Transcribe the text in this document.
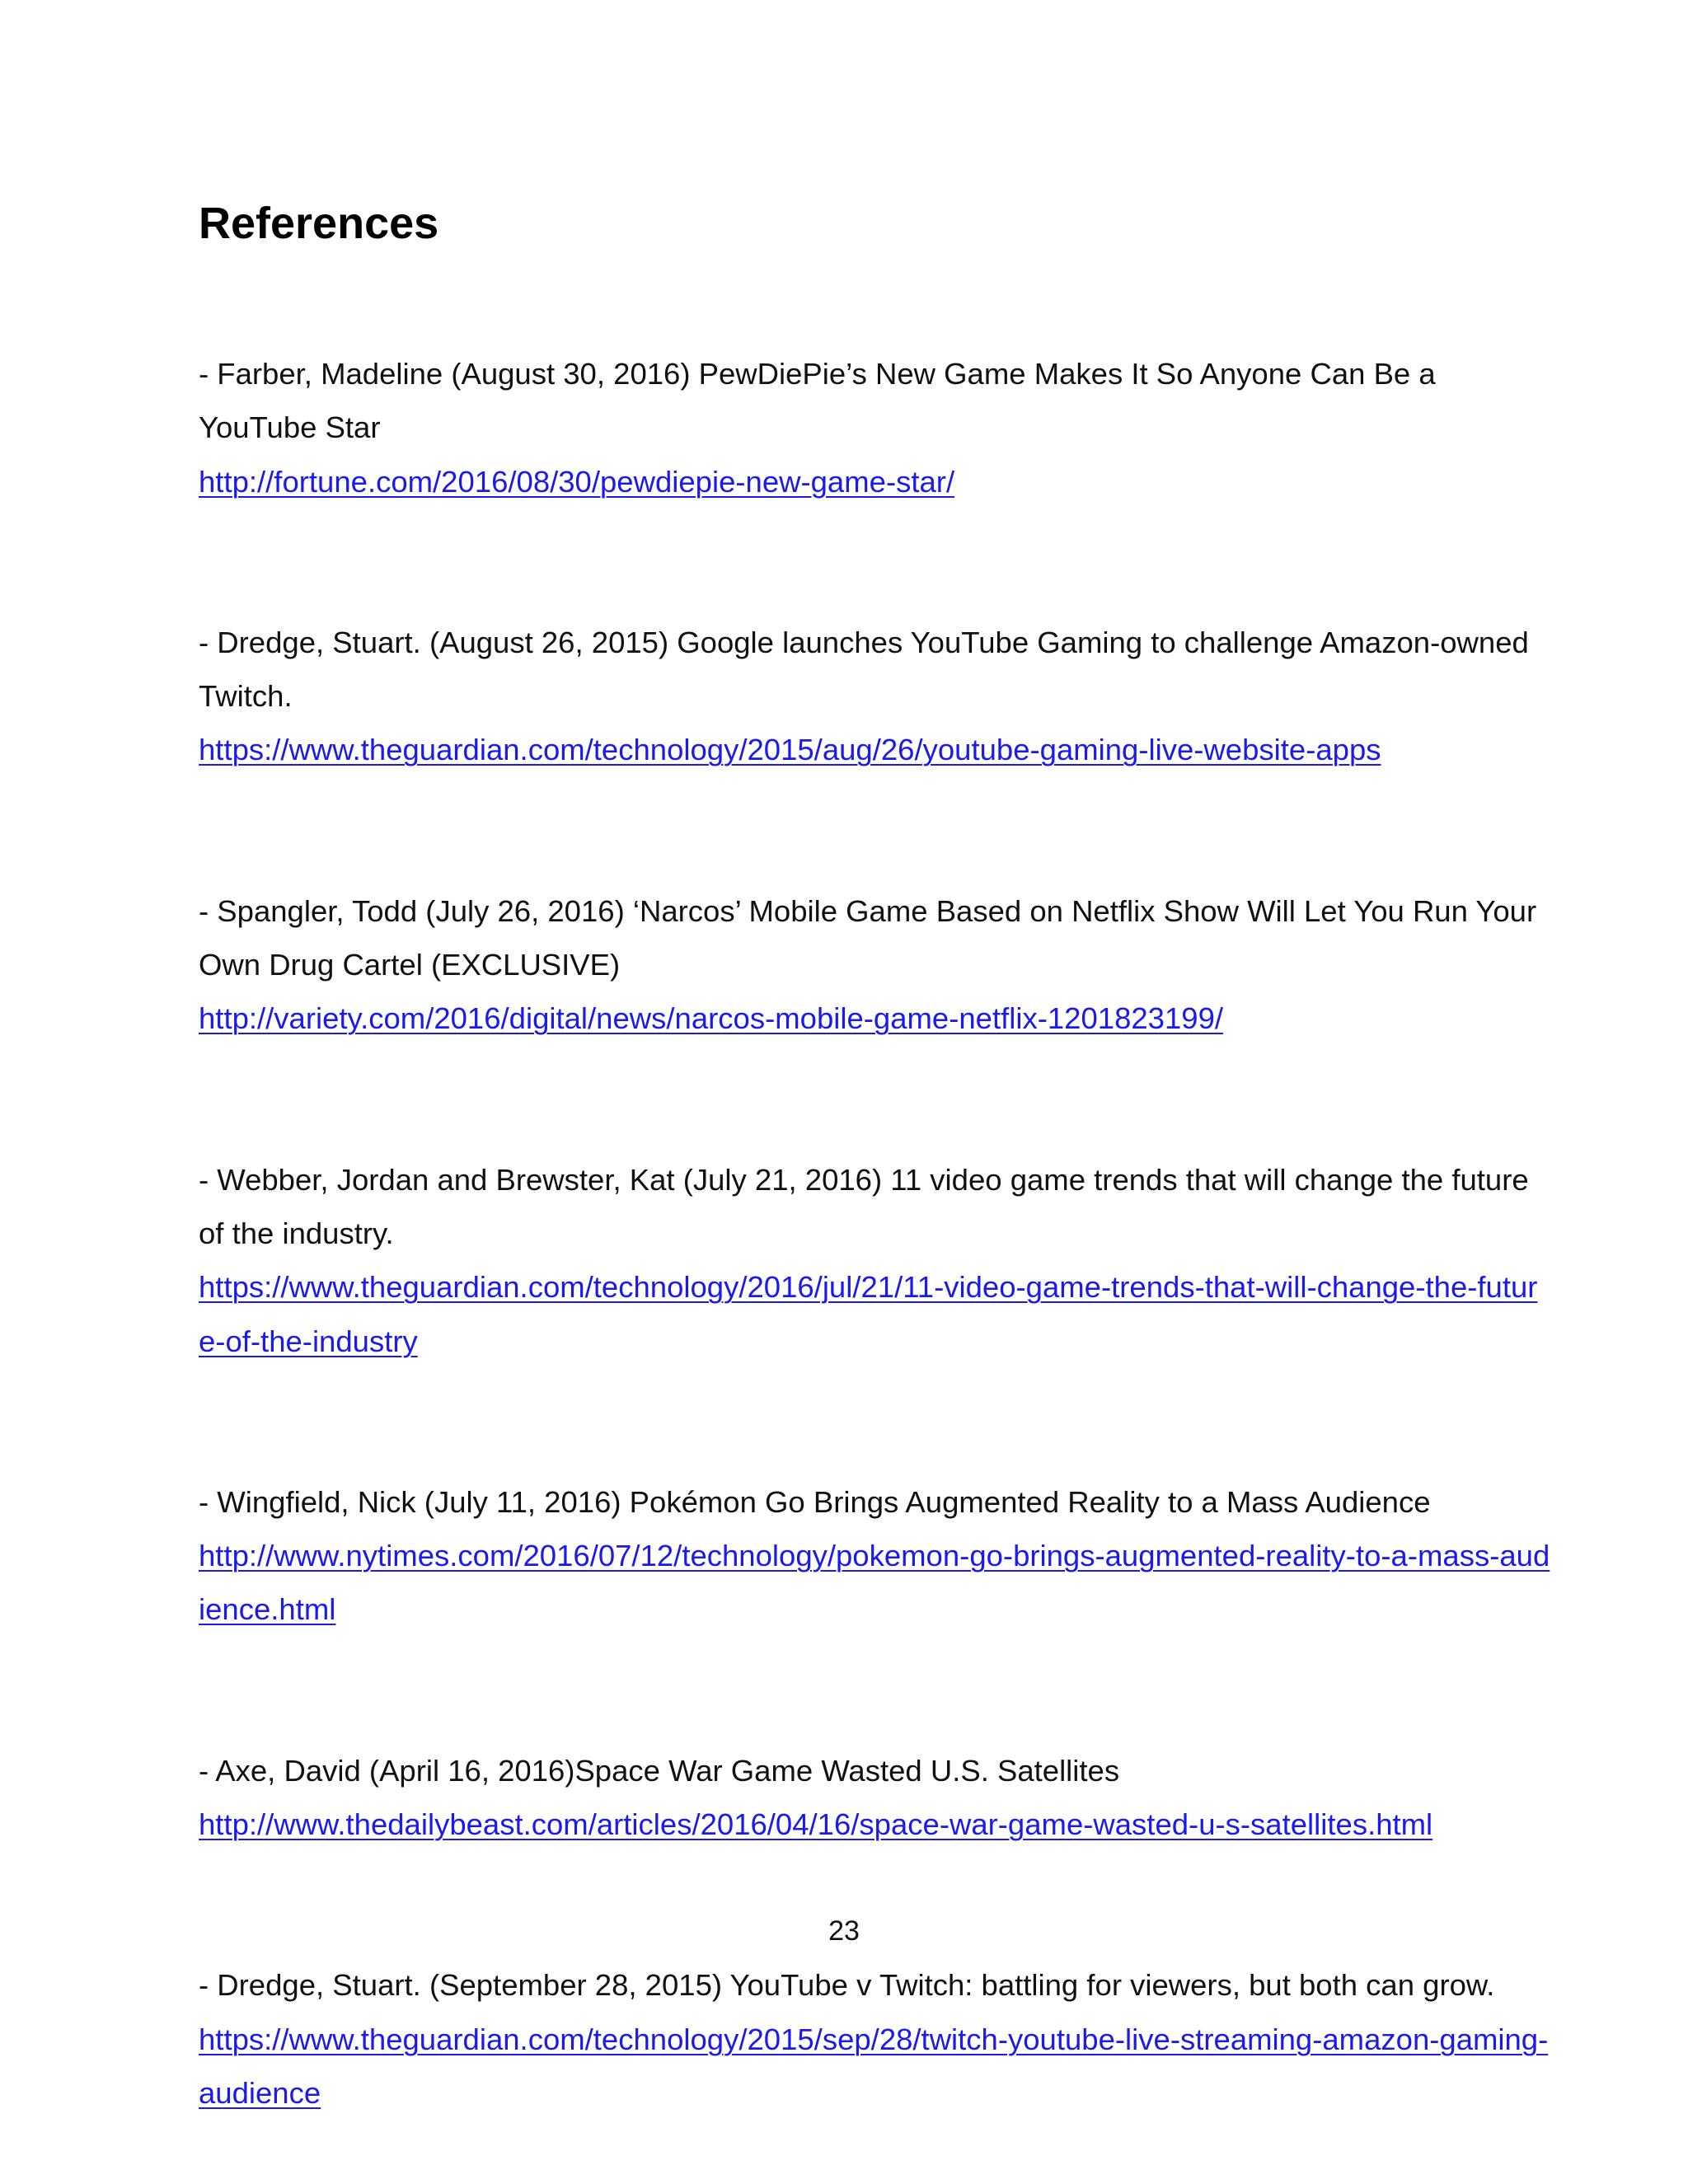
References
- Farber, Madeline (August 30, 2016) PewDiePie’s New Game Makes It So Anyone Can Be a YouTube Star
http://fortune.com/2016/08/30/pewdiepie-new-game-star/
- Dredge, Stuart. (August 26, 2015) Google launches YouTube Gaming to challenge Amazon-owned Twitch.
https://www.theguardian.com/technology/2015/aug/26/youtube-gaming-live-website-apps
- Spangler, Todd (July 26, 2016) ‘Narcos’ Mobile Game Based on Netflix Show Will Let You Run Your Own Drug Cartel (EXCLUSIVE)
http://variety.com/2016/digital/news/narcos-mobile-game-netflix-1201823199/
- Webber, Jordan and Brewster, Kat (July 21, 2016) 11 video game trends that will change the future of the industry.
https://www.theguardian.com/technology/2016/jul/21/11-video-game-trends-that-will-change-the-future-of-the-industry
- Wingfield, Nick (July 11, 2016) Pokémon Go Brings Augmented Reality to a Mass Audience
http://www.nytimes.com/2016/07/12/technology/pokemon-go-brings-augmented-reality-to-a-mass-audience.html
- Axe, David (April 16, 2016)Space War Game Wasted U.S. Satellites
http://www.thedailybeast.com/articles/2016/04/16/space-war-game-wasted-u-s-satellites.html
- Dredge, Stuart. (September 28, 2015) YouTube v Twitch: battling for viewers, but both can grow.
https://www.theguardian.com/technology/2015/sep/28/twitch-youtube-live-streaming-amazon-gaming-audience
23
